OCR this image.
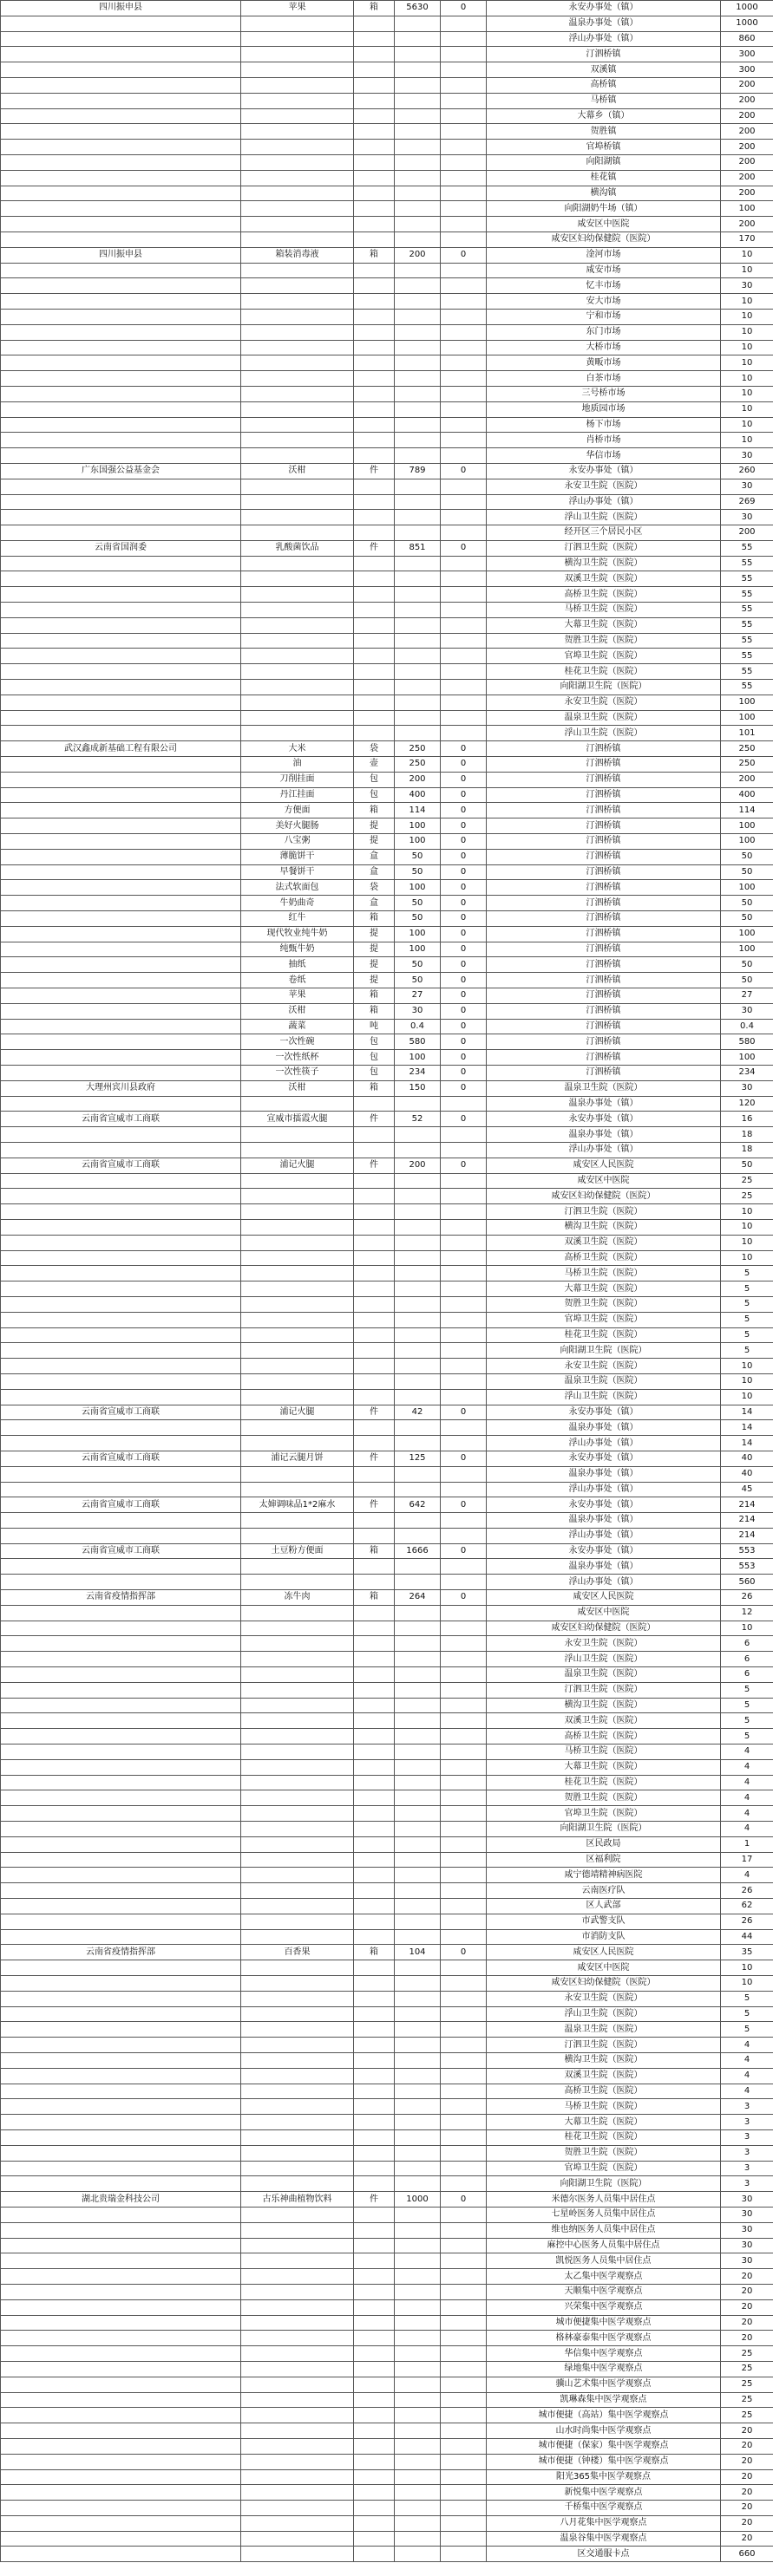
四川振申县	苹果	箱	5630	0	永安办事处（镇）	1000
					温泉办事处（镇）	1000
					浮山办事处（镇）	860
					汀泗桥镇	300
					双溪镇	300
					高桥镇	200
					马桥镇	200
					大幕乡（镇）	200
					贺胜镇	200
					官埠桥镇	200
					向阳湖镇	200
					桂花镇	200
					横沟镇	200
					向阳湖奶牛场（镇）	100
					咸安区中医院	200
					咸安区妇幼保健院（医院）	170
四川振申县	箱装消毒液	箱	200	0	淦河市场	10
					咸安市场	10
					忆丰市场	30
					安大市场	10
					宁和市场	10
					东门市场	10
					大桥市场	10
					黄畈市场	10
					白茶市场	10
					三号桥市场	10
					地质园市场	10
					杨下市场	10
					肖桥市场	10
					华信市场	30
广东国强公益基金会	沃柑	件	789	0	永安办事处（镇）	260
					永安卫生院（医院）	30
					浮山办事处（镇）	269
					浮山卫生院（医院）	30
					经开区三个居民小区	200
云南省国润委	乳酸菌饮品	件	851	0	汀泗卫生院（医院）	55
					横沟卫生院（医院）	55
					双溪卫生院（医院）	55
					高桥卫生院（医院）	55
					马桥卫生院（医院）	55
					大幕卫生院（医院）	55
					贺胜卫生院（医院）	55
					官埠卫生院（医院）	55
					桂花卫生院（医院）	55
					向阳湖卫生院（医院）	55
					永安卫生院（医院）	100
					温泉卫生院（医院）	100
					浮山卫生院（医院）	101
武汉鑫成新基础工程有限公司	大米	袋	250	0	汀泗桥镇	250
	油	壶	250	0	汀泗桥镇	250
	刀削挂面	包	200	0	汀泗桥镇	200
	丹江挂面	包	400	0	汀泗桥镇	400
	方便面	箱	114	0	汀泗桥镇	114
	美好火腿肠	提	100	0	汀泗桥镇	100
	八宝粥	提	100	0	汀泗桥镇	100
	薄脆饼干	盒	50	0	汀泗桥镇	50
	早餐饼干	盒	50	0	汀泗桥镇	50
	法式软面包	袋	100	0	汀泗桥镇	100
	牛奶曲奇	盒	50	0	汀泗桥镇	50
	红牛	箱	50	0	汀泗桥镇	50
	现代牧业纯牛奶	提	100	0	汀泗桥镇	100
	纯甄牛奶	提	100	0	汀泗桥镇	100
	抽纸	提	50	0	汀泗桥镇	50
	卷纸	提	50	0	汀泗桥镇	50
	苹果	箱	27	0	汀泗桥镇	27
	沃柑	箱	30	0	汀泗桥镇	30
	蔬菜	吨	0.4	0	汀泗桥镇	0.4
	一次性碗	包	580	0	汀泗桥镇	580
	一次性纸杯	包	100	0	汀泗桥镇	100
	一次性筷子	包	234	0	汀泗桥镇	234
大理州宾川县政府	沃柑	箱	150	0	温泉卫生院（医院）	30
					温泉办事处（镇）	120
云南省宣威市工商联	宣威市擂霞火腿	件	52	0	永安办事处（镇）	16
					温泉办事处（镇）	18
					浮山办事处（镇）	18
云南省宣威市工商联	浦记火腿	件	200	0	咸安区人民医院	50
					咸安区中医院	25
					咸安区妇幼保健院（医院）	25
					汀泗卫生院（医院）	10
					横沟卫生院（医院）	10
					双溪卫生院（医院）	10
					高桥卫生院（医院）	10
					马桥卫生院（医院）	5
					大幕卫生院（医院）	5
					贺胜卫生院（医院）	5
					官埠卫生院（医院）	5
					桂花卫生院（医院）	5
					向阳湖卫生院（医院）	5
					永安卫生院（医院）	10
					温泉卫生院（医院）	10
					浮山卫生院（医院）	10
云南省宣威市工商联	浦记火腿	件	42	0	永安办事处（镇）	14
					温泉办事处（镇）	14
					浮山办事处（镇）	14
云南省宣威市工商联	浦记云腿月饼	件	125	0	永安办事处（镇）	40
					温泉办事处（镇）	40
					浮山办事处（镇）	45
云南省宣威市工商联	太婶调味品1*2麻水	件	642	0	永安办事处（镇）	214
					温泉办事处（镇）	214
					浮山办事处（镇）	214
云南省宣威市工商联	土豆粉方便面	箱	1666	0	永安办事处（镇）	553
					温泉办事处（镇）	553
					浮山办事处（镇）	560
云南省疫情指挥部	冻牛肉	箱	264	0	咸安区人民医院	26
					咸安区中医院	12
					咸安区妇幼保健院（医院）	10
					永安卫生院（医院）	6
					浮山卫生院（医院）	6
					温泉卫生院（医院）	6
					汀泗卫生院（医院）	5
					横沟卫生院（医院）	5
					双溪卫生院（医院）	5
					高桥卫生院（医院）	5
					马桥卫生院（医院）	4
					大幕卫生院（医院）	4
					桂花卫生院（医院）	4
					贺胜卫生院（医院）	4
					官埠卫生院（医院）	4
					向阳湖卫生院（医院）	4
					区民政局	1
					区福利院	17
					咸宁德靖精神病医院	4
					云南医疗队	26
					区人武部	62
					市武警支队	26
					市消防支队	44
云南省疫情指挥部	百香果	箱	104	0	咸安区人民医院	35
					咸安区中医院	10
					咸安区妇幼保健院（医院）	10
					永安卫生院（医院）	5
					浮山卫生院（医院）	5
					温泉卫生院（医院）	5
					汀泗卫生院（医院）	4
					横沟卫生院（医院）	4
					双溪卫生院（医院）	4
					高桥卫生院（医院）	4
					马桥卫生院（医院）	3
					大幕卫生院（医院）	3
					桂花卫生院（医院）	3
					贺胜卫生院（医院）	3
					官埠卫生院（医院）	3
					向阳湖卫生院（医院）	3
湖北贵瑞金科技公司	古乐神曲植物饮料	件	1000	0	米德尔医务人员集中居住点	30
					七星岭医务人员集中居住点	30
					维也纳医务人员集中居住点	30
					麻控中心医务人员集中居住点	30
					凯悦医务人员集中居住点	30
					太乙集中医学观察点	20
					天顺集中医学观察点	20
					兴荣集中医学观察点	20
					城市便捷集中医学观察点	20
					格林豪泰集中医学观察点	20
					华信集中医学观察点	25
					绿地集中医学观察点	25
					骥山艺术集中医学观察点	25
					凯琳森集中医学观察点	25
					城市便捷（高站）集中医学观察点	25
					山水时尚集中医学观察点	20
					城市便捷（保家）集中医学观察点	20
					城市便捷（钟楼）集中医学观察点	20
					阳光365集中医学观察点	20
					新悦集中医学观察点	20
					千桥集中医学观察点	20
					八月花集中医学观察点	20
					温泉谷集中医学观察点	20
					区交通服卡点	660
